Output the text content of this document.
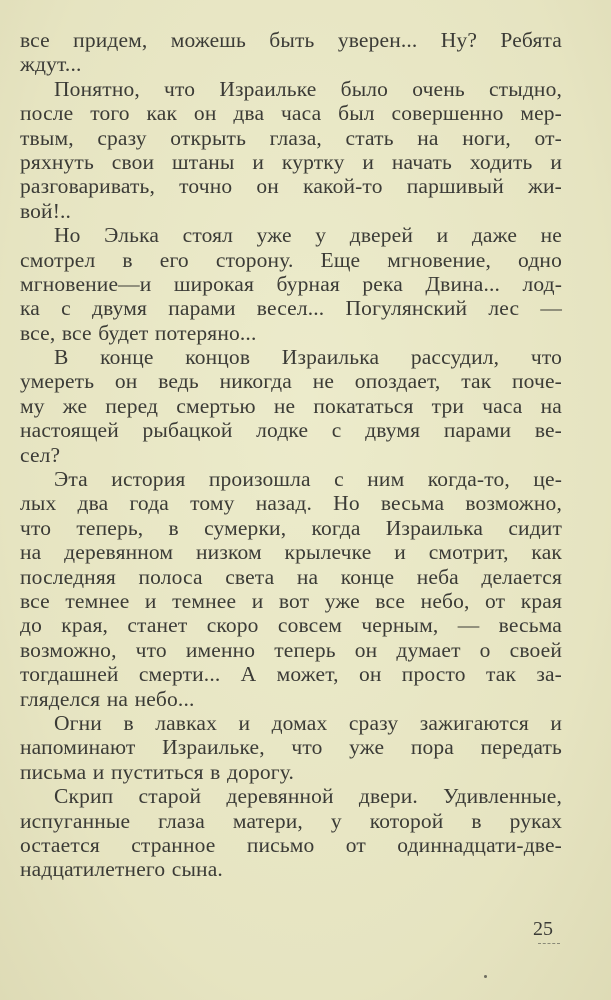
все придем, можешь быть уверен... Ну? Ребята
ждут...

Понятно, что Израильке было очень стыдно,
после того как он два часа был совершенно мер-
твым, сразу открыть глаза, стать на ноги, от-
ряхнуть свои штаны и куртку и начать ходить и
разговаривать, точно он какой-то паршивый жи-
вой!..

Но Элька стоял уже у дверей и даже не
смотрел в его сторону. Еще мгновение, одно
мгновение—и широкая бурная река Двина... лод-
ка с двумя парами весел... Погулянский лес —
все, все будет потеряно...

В конце концов Израилька рассудил, что
умереть он ведь никогда не опоздает, так поче-
му же перед смертью не покататься три часа на
настоящей рыбацкой лодке с двумя парами ве-
сел?

Эта история произошла с ним когда-то, це-
лых два года тому назад. Но весьма возможно,
что теперь, в сумерки, когда Израилька сидит
на деревянном низком крылечке и смотрит, как
последняя полоса света на конце неба делается
все темнее и темнее и вот уже все небо, от края
до края, станет скоро совсем черным, — весьма
возможно, что именно теперь он думает о своей
тогдашней смерти... А может, он просто так за-
гляделся на небо...

Огни в лавках и домах сразу зажигаются и
напоминают Израильке, что уже пора передать
письма и пуститься в дорогу.

Скрип старой деревянной двери. Удивленные,
испуганные глаза матери, у которой в руках
остается странное письмо от одиннадцати-две-
надцатилетнего сына.

25
